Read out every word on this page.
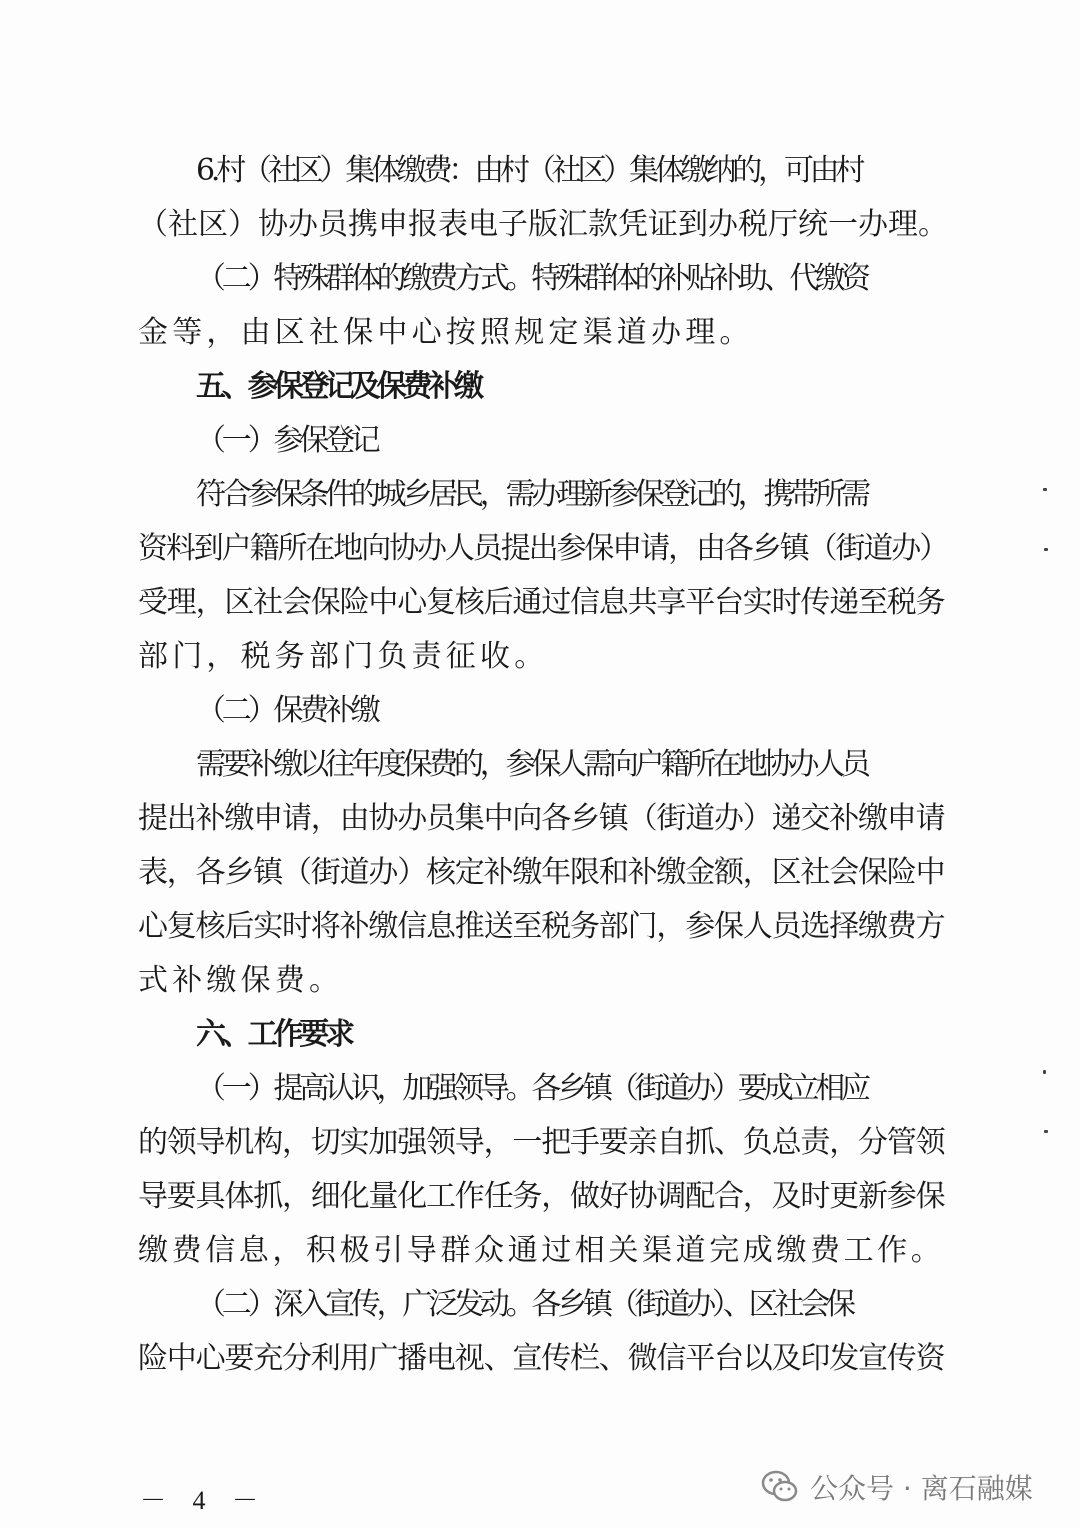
6.村（社区）集体缴费：由村（社区）集体缴纳的，可由村
（社区）协办员携申报表电子版汇款凭证到办税厅统一办理。
（二）特殊群体的缴费方式。特殊群体的补贴补助、代缴资
金等，由区社保中心按照规定渠道办理。
五、参保登记及保费补缴
（一）参保登记
符合参保条件的城乡居民，需办理新参保登记的，携带所需
资料到户籍所在地向协办人员提出参保申请，由各乡镇（街道办）
受理，区社会保险中心复核后通过信息共享平台实时传递至税务
部门，税务部门负责征收。
（二）保费补缴
需要补缴以往年度保费的，参保人需向户籍所在地协办人员
提出补缴申请，由协办员集中向各乡镇（街道办）递交补缴申请
表，各乡镇（街道办）核定补缴年限和补缴金额，区社会保险中
心复核后实时将补缴信息推送至税务部门，参保人员选择缴费方
式补缴保费。
六、工作要求
（一）提高认识，加强领导。各乡镇（街道办）要成立相应
的领导机构，切实加强领导，一把手要亲自抓、负总责，分管领
导要具体抓，细化量化工作任务，做好协调配合，及时更新参保
缴费信息，积极引导群众通过相关渠道完成缴费工作。
（二）深入宣传，广泛发动。各乡镇（街道办）、区社会保
险中心要充分利用广播电视、宣传栏、微信平台以及印发宣传资
－ 4 －	公众号 · 离石融媒
